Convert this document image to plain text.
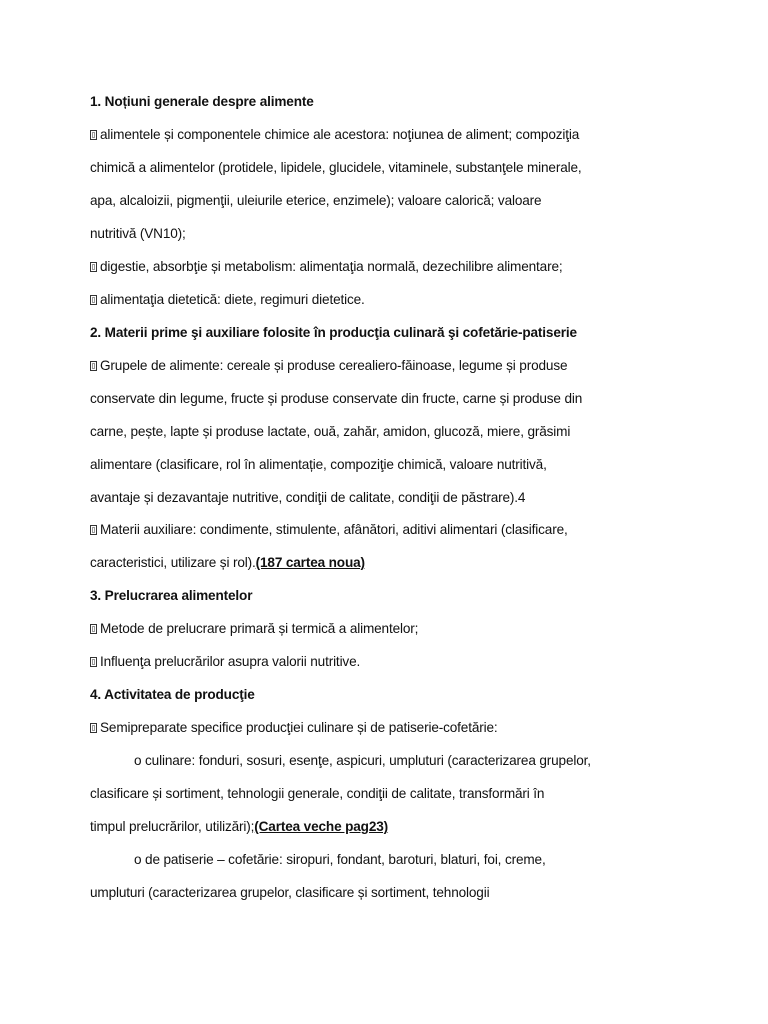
1. Noțiuni generale despre alimente
alimentele și componentele chimice ale acestora: noţiunea de aliment; compoziţia
chimică a alimentelor (protidele, lipidele, glucidele, vitaminele, substanţele minerale,
apa, alcaloizii, pigmenţii, uleiurile eterice, enzimele); valoare calorică; valoare
nutritivă (VN10);
digestie, absorbţie și metabolism: alimentaţia normală, dezechilibre alimentare;
alimentaţia dietetică: diete, regimuri dietetice.
2. Materii prime şi auxiliare folosite în producţia culinară şi cofetărie-patiserie
Grupele de alimente: cereale și produse cerealiero-făinoase, legume și produse
conservate din legume, fructe și produse conservate din fructe, carne și produse din
carne, pește, lapte și produse lactate, ouă, zahăr, amidon, glucoză, miere, grăsimi
alimentare (clasificare, rol în alimentație, compoziţie chimică, valoare nutritivă,
avantaje și dezavantaje nutritive, condiţii de calitate, condiţii de păstrare).4
Materii auxiliare: condimente, stimulente, afânători, aditivi alimentari (clasificare,
caracteristici, utilizare și rol).(187 cartea noua)
3. Prelucrarea alimentelor
Metode de prelucrare primară și termică a alimentelor;
Influenţa prelucrărilor asupra valorii nutritive.
4. Activitatea de producţie
Semipreparate specifice producţiei culinare și de patiserie-cofetărie:
o culinare: fonduri, sosuri, esenţe, aspicuri, umpluturi (caracterizarea grupelor,
clasificare și sortiment, tehnologii generale, condiţii de calitate, transformări în
timpul prelucrărilor, utilizări);(Cartea veche pag23)
o de patiserie – cofetărie: siropuri, fondant, baroturi, blaturi, foi, creme,
umpluturi (caracterizarea grupelor, clasificare și sortiment, tehnologii
